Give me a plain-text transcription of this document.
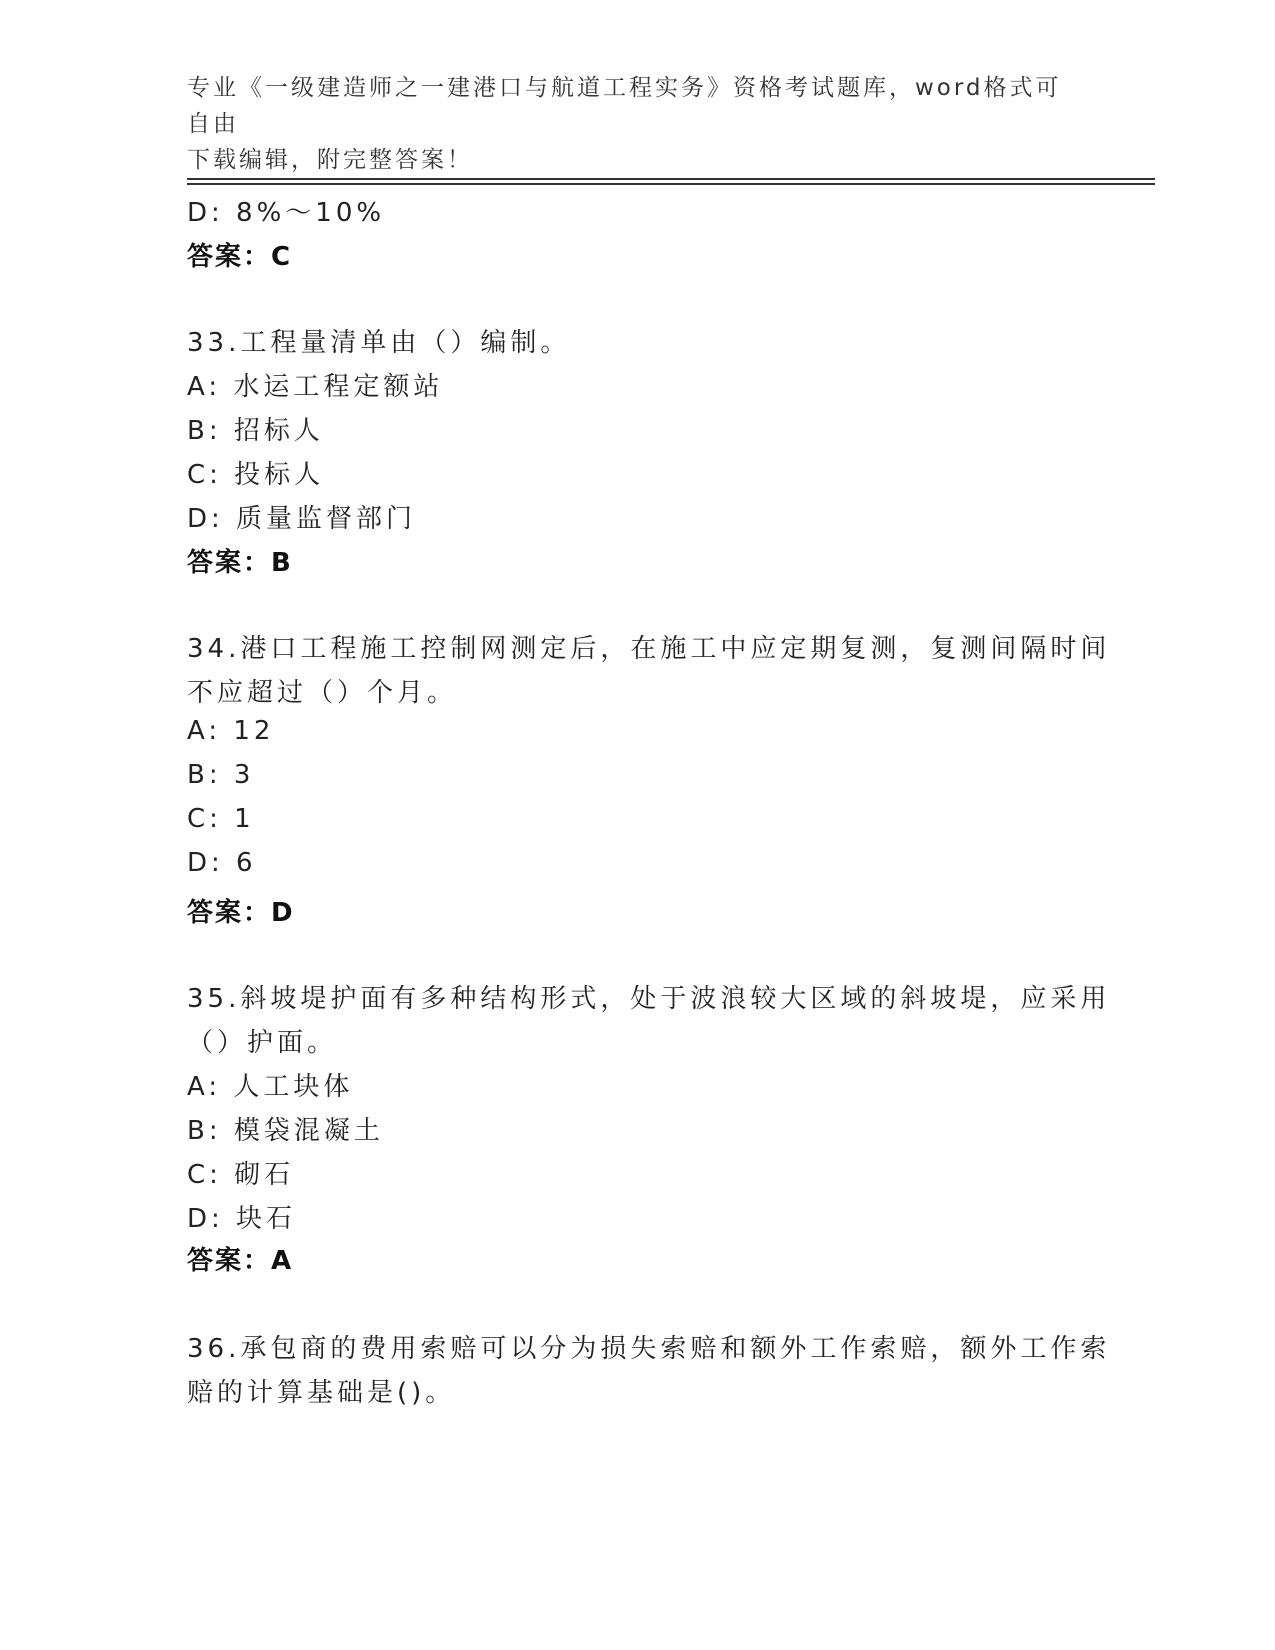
专业《一级建造师之一建港口与航道工程实务》资格考试题库，word格式可自由
下载编辑，附完整答案！
D: 8%～10%
答案：C
33.工程量清单由（）编制。
A: 水运工程定额站
B: 招标人
C: 投标人
D: 质量监督部门
答案：B
34.港口工程施工控制网测定后，在施工中应定期复测，复测间隔时间
不应超过（）个月。
A: 12
B: 3
C: 1
D: 6
答案：D
35.斜坡堤护面有多种结构形式，处于波浪较大区域的斜坡堤，应采用
（）护面。
A: 人工块体
B: 模袋混凝土
C: 砌石
D: 块石
答案：A
36.承包商的费用索赔可以分为损失索赔和额外工作索赔，额外工作索
赔的计算基础是()。
